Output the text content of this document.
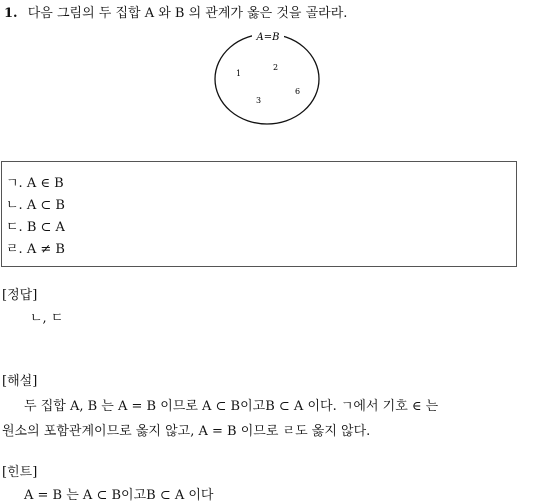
1. 다음 그림의 두 집합 A 와 B 의 관계가 옳은 것을 골라라.
A=B
1
2
3
6
ㄱ. A ∈ B
ㄴ. A ⊂ B
ㄷ. B ⊂ A
ㄹ. A ≠ B
[정답]
ㄴ, ㄷ
[해설]
두 집합 A, B 는 A = B 이므로 A ⊂ B이고B ⊂ A 이다. ㄱ에서 기호 ∈ 는
원소의 포함관계이므로 옳지 않고, A = B 이므로 ㄹ도 옳지 않다.
[힌트]
A = B 는 A ⊂ B이고B ⊂ A 이다
